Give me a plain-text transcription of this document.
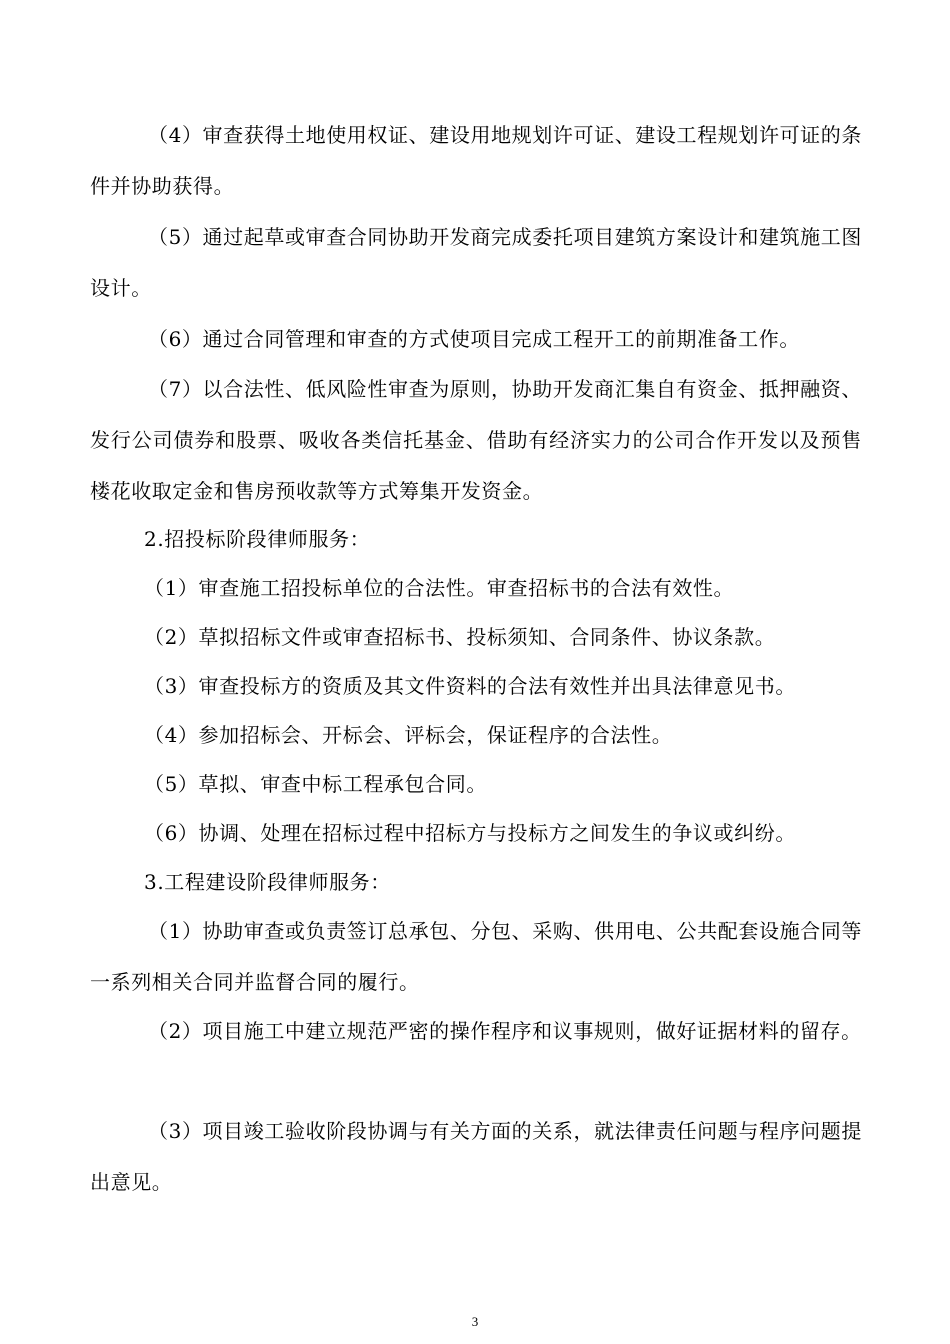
（4）审查获得土地使用权证、建设用地规划许可证、建设工程规划许可证的条件并协助获得。

（5）通过起草或审查合同协助开发商完成委托项目建筑方案设计和建筑施工图设计。

（6）通过合同管理和审查的方式使项目完成工程开工的前期准备工作。

（7）以合法性、低风险性审查为原则，协助开发商汇集自有资金、抵押融资、发行公司债券和股票、吸收各类信托基金、借助有经济实力的公司合作开发以及预售楼花收取定金和售房预收款等方式筹集开发资金。

2.招投标阶段律师服务：

（1）审查施工招投标单位的合法性。审查招标书的合法有效性。

（2）草拟招标文件或审查招标书、投标须知、合同条件、协议条款。

（3）审查投标方的资质及其文件资料的合法有效性并出具法律意见书。

（4）参加招标会、开标会、评标会，保证程序的合法性。

（5）草拟、审查中标工程承包合同。

（6）协调、处理在招标过程中招标方与投标方之间发生的争议或纠纷。

3.工程建设阶段律师服务：

（1）协助审查或负责签订总承包、分包、采购、供用电、公共配套设施合同等一系列相关合同并监督合同的履行。

（2）项目施工中建立规范严密的操作程序和议事规则，做好证据材料的留存。

（3）项目竣工验收阶段协调与有关方面的关系，就法律责任问题与程序问题提出意见。

3
